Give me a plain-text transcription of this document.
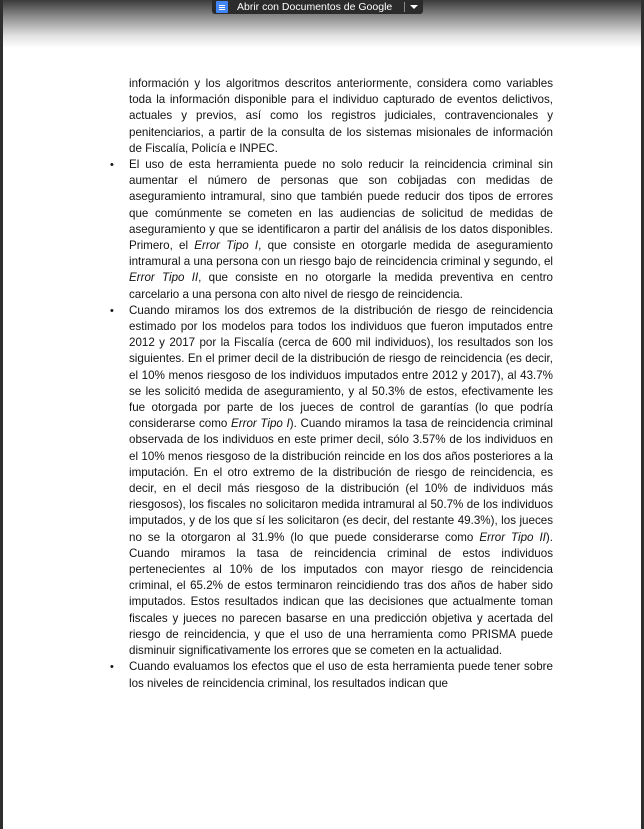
información y los algoritmos descritos anteriormente, considera como variables toda la información disponible para el individuo capturado de eventos delictivos, actuales y previos, así como los registros judiciales, contravencionales y penitenciarios, a partir de la consulta de los sistemas misionales de información de Fiscalía, Policía e INPEC.

• El uso de esta herramienta puede no solo reducir la reincidencia criminal sin aumentar el número de personas que son cobijadas con medidas de aseguramiento intramural, sino que también puede reducir dos tipos de errores que comúnmente se cometen en las audiencias de solicitud de medidas de aseguramiento y que se identificaron a partir del análisis de los datos disponibles. Primero, el Error Tipo I, que consiste en otorgarle medida de aseguramiento intramural a una persona con un riesgo bajo de reincidencia criminal y segundo, el Error Tipo II, que consiste en no otorgarle la medida preventiva en centro carcelario a una persona con alto nivel de riesgo de reincidencia.
• Cuando miramos los dos extremos de la distribución de riesgo de reincidencia estimado por los modelos para todos los individuos que fueron imputados entre 2012 y 2017 por la Fiscalía (cerca de 600 mil individuos), los resultados son los siguientes. En el primer decil de la distribución de riesgo de reincidencia (es decir, el 10% menos riesgoso de los individuos imputados entre 2012 y 2017), al 43.7% se les solicitó medida de aseguramiento, y al 50.3% de estos, efectivamente les fue otorgada por parte de los jueces de control de garantías (lo que podría considerarse como Error Tipo I). Cuando miramos la tasa de reincidencia criminal observada de los individuos en este primer decil, sólo 3.57% de los individuos en el 10% menos riesgoso de la distribución reincide en los dos años posteriores a la imputación. En el otro extremo de la distribución de riesgo de reincidencia, es decir, en el decil más riesgoso de la distribución (el 10% de individuos más riesgosos), los fiscales no solicitaron medida intramural al 50.7% de los individuos imputados, y de los que sí les solicitaron (es decir, del restante 49.3%), los jueces no se la otorgaron al 31.9% (lo que puede considerarse como Error Tipo II). Cuando miramos la tasa de reincidencia criminal de estos individuos pertenecientes al 10% de los imputados con mayor riesgo de reincidencia criminal, el 65.2% de estos terminaron reincidiendo tras dos años de haber sido imputados. Estos resultados indican que las decisiones que actualmente toman fiscales y jueces no parecen basarse en una predicción objetiva y acertada del riesgo de reincidencia, y que el uso de una herramienta como PRISMA puede disminuir significativamente los errores que se cometen en la actualidad.
• Cuando evaluamos los efectos que el uso de esta herramienta puede tener sobre los niveles de reincidencia criminal, los resultados indican que
Abrir con Documentos de Google
